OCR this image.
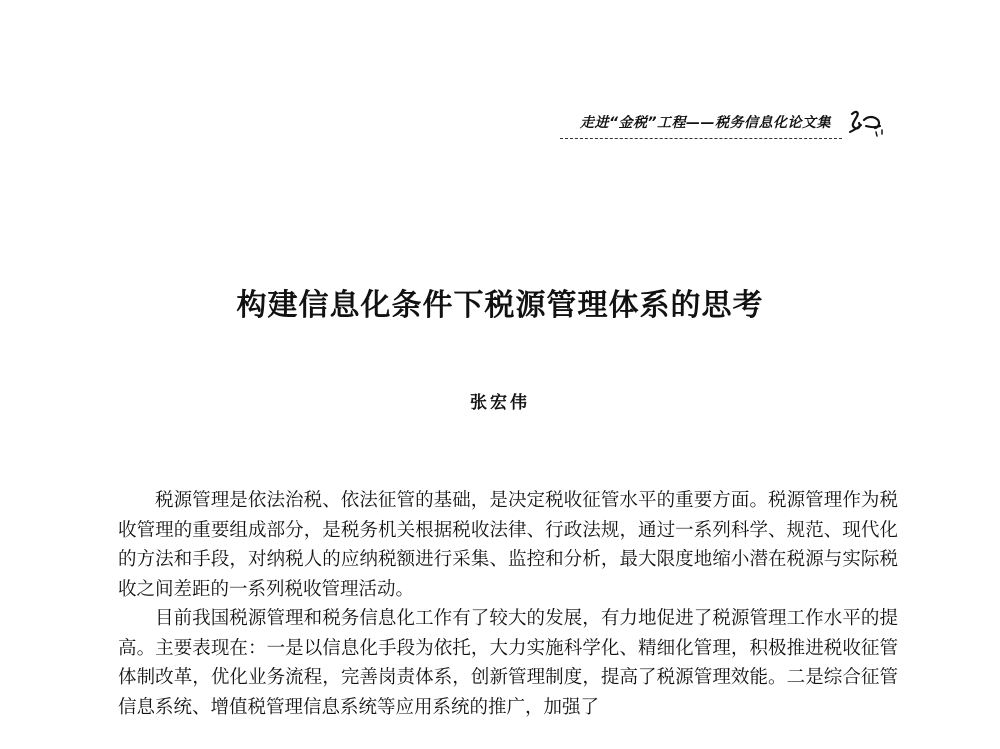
走进“金税”工程——税务信息化论文集
构建信息化条件下税源管理体系的思考
张宏伟

税源管理是依法治税、依法征管的基础，是决定税收征管水平的重要方面。税源管理作为税收管理的重要组成部分，是税务机关根据税收法律、行政法规，通过一系列科学、规范、现代化的方法和手段，对纳税人的应纳税额进行采集、监控和分析，最大限度地缩小潜在税源与实际税收之间差距的一系列税收管理活动。

目前我国税源管理和税务信息化工作有了较大的发展，有力地促进了税源管理工作水平的提高。主要表现在：一是以信息化手段为依托，大力实施科学化、精细化管理，积极推进税收征管体制改革，优化业务流程，完善岗责体系，创新管理制度，提高了税源管理效能。二是综合征管信息系统、增值税管理信息系统等应用系统的推广，加强了
